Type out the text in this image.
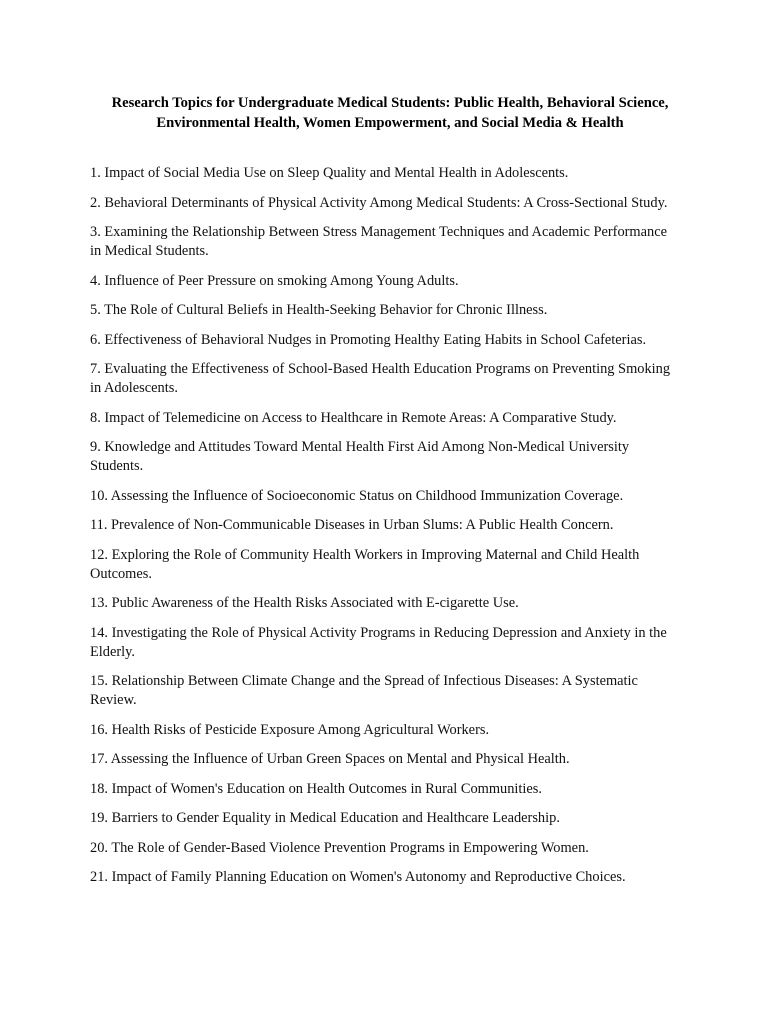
Research Topics for Undergraduate Medical Students: Public Health, Behavioral Science, Environmental Health, Women Empowerment, and Social Media & Health
1. Impact of Social Media Use on Sleep Quality and Mental Health in Adolescents.
2. Behavioral Determinants of Physical Activity Among Medical Students: A Cross-Sectional Study.
3. Examining the Relationship Between Stress Management Techniques and Academic Performance in Medical Students.
4. Influence of Peer Pressure on smoking Among Young Adults.
5. The Role of Cultural Beliefs in Health-Seeking Behavior for Chronic Illness.
6. Effectiveness of Behavioral Nudges in Promoting Healthy Eating Habits in School Cafeterias.
7. Evaluating the Effectiveness of School-Based Health Education Programs on Preventing Smoking in Adolescents.
8. Impact of Telemedicine on Access to Healthcare in Remote Areas: A Comparative Study.
9. Knowledge and Attitudes Toward Mental Health First Aid Among Non-Medical University Students.
10. Assessing the Influence of Socioeconomic Status on Childhood Immunization Coverage.
11. Prevalence of Non-Communicable Diseases in Urban Slums: A Public Health Concern.
12. Exploring the Role of Community Health Workers in Improving Maternal and Child Health Outcomes.
13. Public Awareness of the Health Risks Associated with E-cigarette Use.
14. Investigating the Role of Physical Activity Programs in Reducing Depression and Anxiety in the Elderly.
15. Relationship Between Climate Change and the Spread of Infectious Diseases: A Systematic Review.
16. Health Risks of Pesticide Exposure Among Agricultural Workers.
17. Assessing the Influence of Urban Green Spaces on Mental and Physical Health.
18. Impact of Women's Education on Health Outcomes in Rural Communities.
19. Barriers to Gender Equality in Medical Education and Healthcare Leadership.
20. The Role of Gender-Based Violence Prevention Programs in Empowering Women.
21. Impact of Family Planning Education on Women's Autonomy and Reproductive Choices.
